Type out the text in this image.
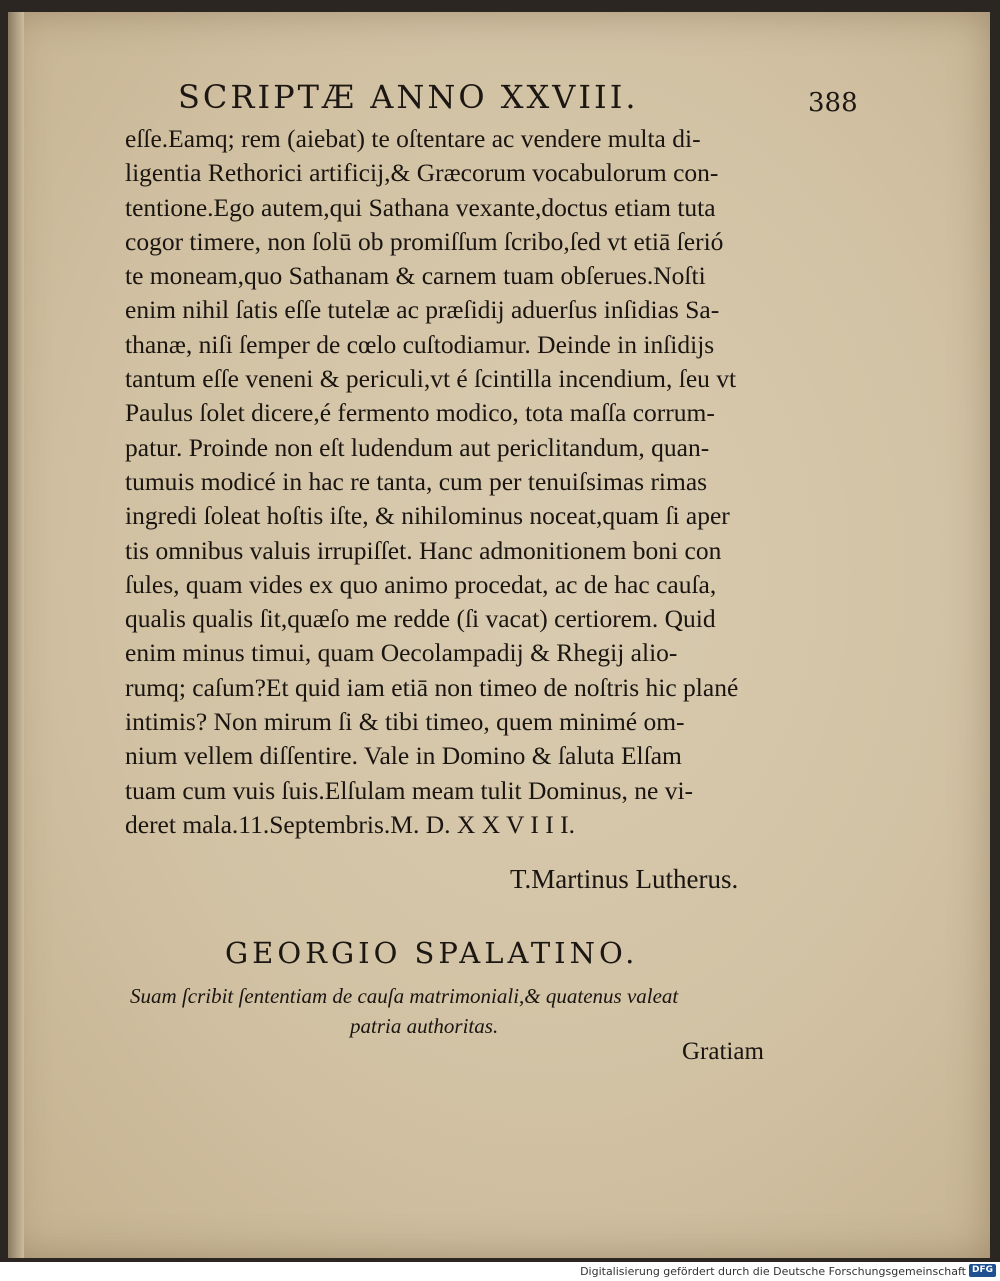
SCRIPTÆ ANNO XXVIII.	388
eſſe.Eamq; rem (aiebat) te oſtentare ac vendere multa di-
ligentia Rethorici artificij,& Græcorum vocabulorum con-
tentione.Ego autem,qui Sathana vexante,doctus etiam tuta
cogor timere, non ſolū ob promiſſum ſcribo,ſed vt etiā ſerió
te moneam,quo Sathanam & carnem tuam obſerues.Noſti
enim nihil ſatis eſſe tutelæ ac præſidij aduerſus inſidias Sa-
thanæ, niſi ſemper de cœlo cuſtodiamur. Deinde in inſidijs
tantum eſſe veneni & periculi,vt é ſcintilla incendium, ſeu vt
Paulus ſolet dicere,é fermento modico, tota maſſa corrum-
patur. Proinde non eſt ludendum aut periclitandum, quan-
tumuis modicé in hac re tanta, cum per tenuiſsimas rimas
ingredi ſoleat hoſtis iſte, & nihilominus noceat,quam ſi aper
tis omnibus valuis irrupiſſet. Hanc admonitionem boni con
ſules, quam vides ex quo animo procedat, ac de hac cauſa,
qualis qualis ſit,quæſo me redde (ſi vacat) certiorem. Quid
enim minus timui, quam Oecolampadij & Rhegij alio-
rumq; caſum?Et quid iam etiā non timeo de noſtris hic plané
intimis? Non mirum ſi & tibi timeo, quem minimé om-
nium vellem diſſentire. Vale in Domino & ſaluta Elſam
tuam cum vuis ſuis.Elſulam meam tulit Dominus, ne vi-
deret mala.11.Septembris.M. D. X X V I I I.
T.Martinus Lutherus.
GEORGIO SPALATINO.
Suam ſcribit ſententiam de cauſa matrimoniali,& quatenus valeat
patria authoritas.
Gratiam
Digitalisierung gefördert durch die Deutsche Forschungsgemeinschaft DFG
